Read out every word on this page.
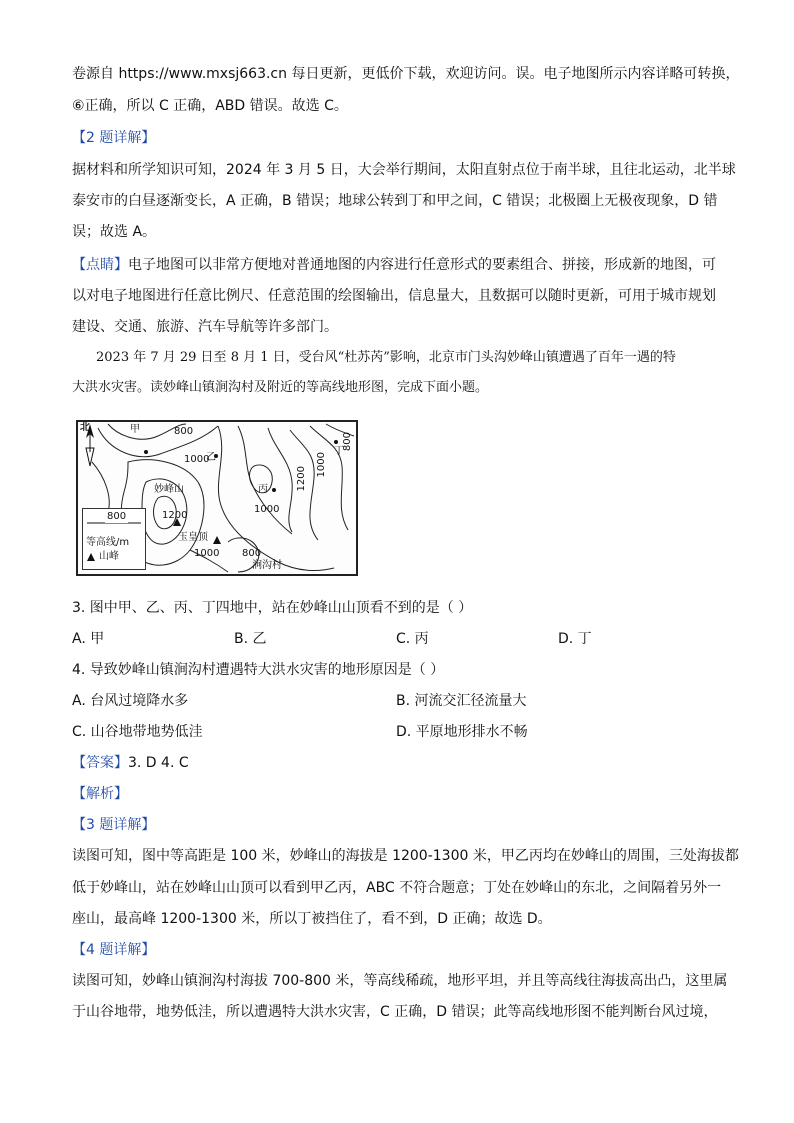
卷源自 https://www.mxsj663.cn 每日更新，更低价下载，欢迎访问。误。电子地图所示内容详略可转换，
⑥正确，所以 C 正确，ABD 错误。故选 C。
【2 题详解】
据材料和所学知识可知，2024 年 3 月 5 日，大会举行期间，太阳直射点位于南半球，且往北运动，北半球
泰安市的白昼逐渐变长，A 正确，B 错误；地球公转到丁和甲之间，C 错误；北极圈上无极夜现象，D 错
误；故选 A。
【点睛】电子地图可以非常方便地对普通地图的内容进行任意形式的要素组合、拼接，形成新的地图，可
以对电子地图进行任意比例尺、任意范围的绘图输出，信息量大，且数据可以随时更新，可用于城市规划
建设、交通、旅游、汽车导航等许多部门。
2023 年 7 月 29 日至 8 月 1 日，受台风“杜苏芮”影响，北京市门头沟妙峰山镇遭遇了百年一遇的特
大洪水灾害。读妙峰山镇涧沟村及附近的等高线地形图，完成下面小题。
北	甲	800
1000
乙
1200
1000
800
丁
丙
1000
妙峰山
1200
玉皇顶
1000 800
涧沟村
800
等高线/m
山峰
3. 图中甲、乙、丙、丁四地中，站在妙峰山山顶看不到的是（ ）
A. 甲	B. 乙	C. 丙	D. 丁
4. 导致妙峰山镇涧沟村遭遇特大洪水灾害的地形原因是（ ）
A. 台风过境降水多	B. 河流交汇径流量大
C. 山谷地带地势低洼	D. 平原地形排水不畅
【答案】3. D 4. C
【解析】
【3 题详解】
读图可知，图中等高距是 100 米，妙峰山的海拔是 1200-1300 米，甲乙丙均在妙峰山的周围，三处海拔都
低于妙峰山，站在妙峰山山顶可以看到甲乙丙，ABC 不符合题意；丁处在妙峰山的东北，之间隔着另外一
座山，最高峰 1200-1300 米，所以丁被挡住了，看不到，D 正确；故选 D。
【4 题详解】
读图可知，妙峰山镇涧沟村海拔 700-800 米，等高线稀疏，地形平坦，并且等高线往海拔高出凸，这里属
于山谷地带，地势低洼，所以遭遇特大洪水灾害，C 正确，D 错误；此等高线地形图不能判断台风过境，
